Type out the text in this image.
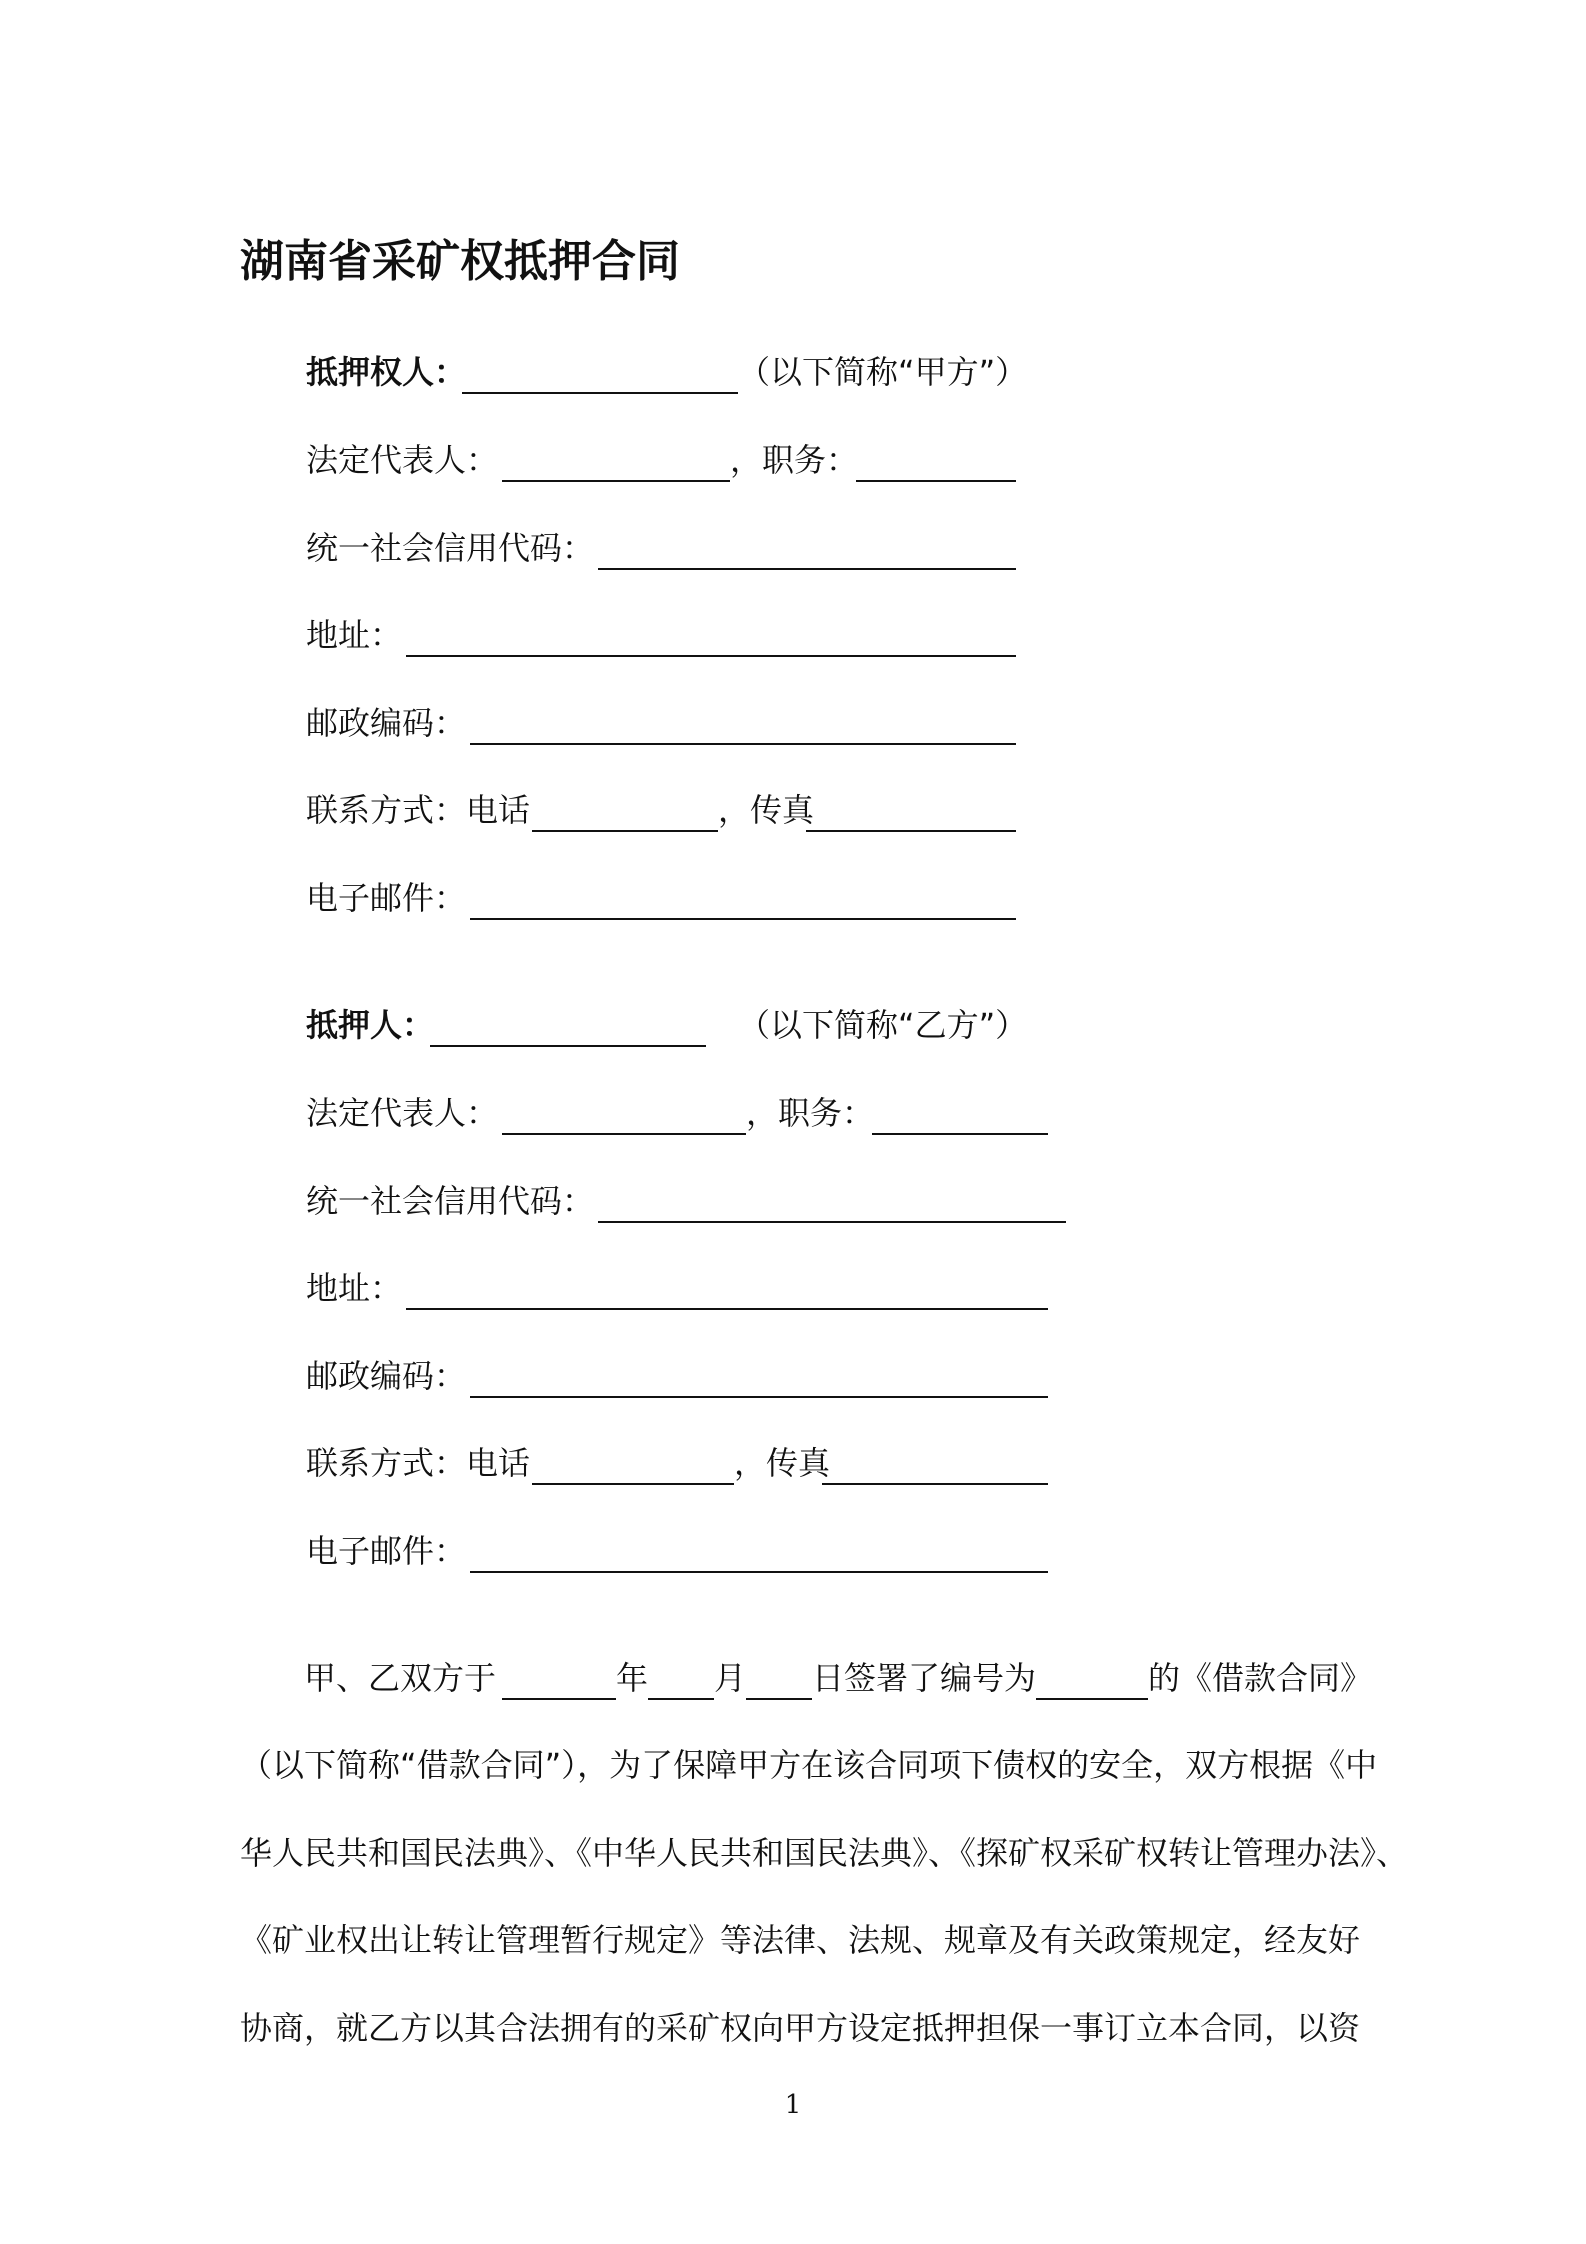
湖南省采矿权抵押合同
抵押权人：	（以下简称“甲方”）
法定代表人：	，职务：
统一社会信用代码：
地址：
邮政编码：
联系方式：电话	，传真
电子邮件：
抵押人：	（以下简称“乙方”）
法定代表人：	，职务：
统一社会信用代码：
地址：
邮政编码：
联系方式：电话	，传真
电子邮件：
甲、乙双方于	年 月 日签署了编号为	的《借款合同》
（以下简称“借款合同”），为了保障甲方在该合同项下债权的安全，双方根据《中
华人民共和国民法典》、《中华人民共和国民法典》、《探矿权采矿权转让管理办法》、
《矿业权出让转让管理暂行规定》等法律、法规、规章及有关政策规定，经友好
协商，就乙方以其合法拥有的采矿权向甲方设定抵押担保一事订立本合同，以资
1
